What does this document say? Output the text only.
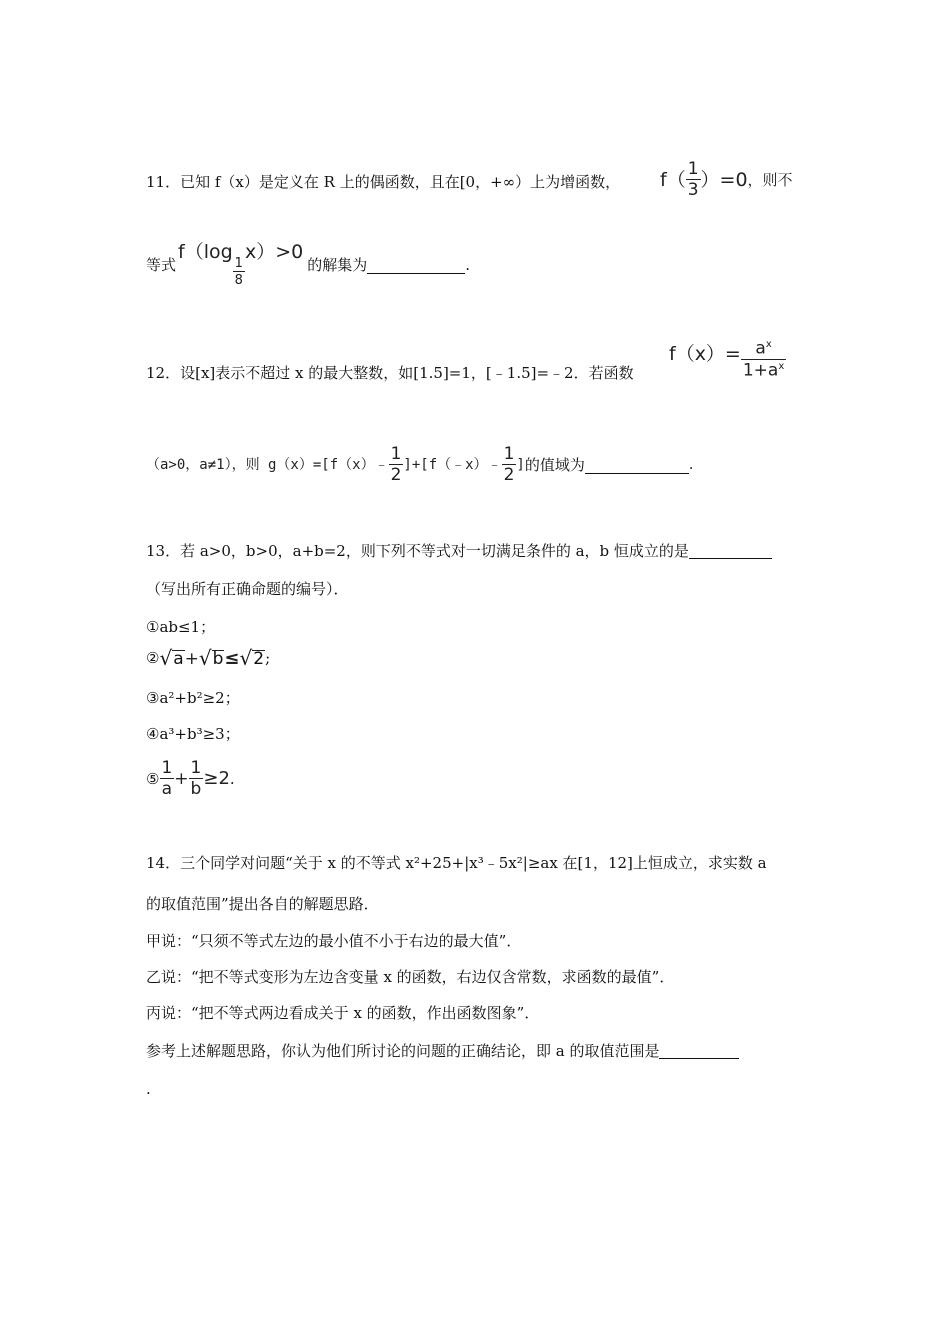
11．已知 f（x）是定义在 R 上的偶函数，且在[0，+∞）上为增函数， $f( \frac{1}{3} )=0$ ，则不
等式
f（log
$\frac{1}{8}$
x）>0
的解集为	.
12．设[x]表示不超过 x 的最大整数，如[1.5]=1，[﹣1.5]=﹣2．若函数
$f(x)= \frac{a^x}{1+a^x}$
（a>0，a≠1），则 g（x）=[f（x）﹣ $\frac{1}{2}$ ]+[f（﹣x）﹣ $\frac{1}{2}$ ] 的值域为	.
13．若 a>0，b>0，a+b=2，则下列不等式对一切满足条件的 a，b 恒成立的是
（写出所有正确命题的编号）．
①ab≤1；
② √ a + √ b ≤ √ 2 ;
③a²+b²≥2；
④a³+b³≥3；
⑤ $\frac{1}{a} + \frac{1}{b} \ge 2$ .
14．三个同学对问题“关于 x 的不等式 x²+25+|x³﹣5x²|≥ax 在[1，12]上恒成立，求实数 a
的取值范围”提出各自的解题思路．
甲说：“只须不等式左边的最小值不小于右边的最大值”．
乙说：“把不等式变形为左边含变量 x 的函数，右边仅含常数，求函数的最值”．
丙说：“把不等式两边看成关于 x 的函数，作出函数图象”．
参考上述解题思路，你认为他们所讨论的问题的正确结论，即 a 的取值范围是
.
